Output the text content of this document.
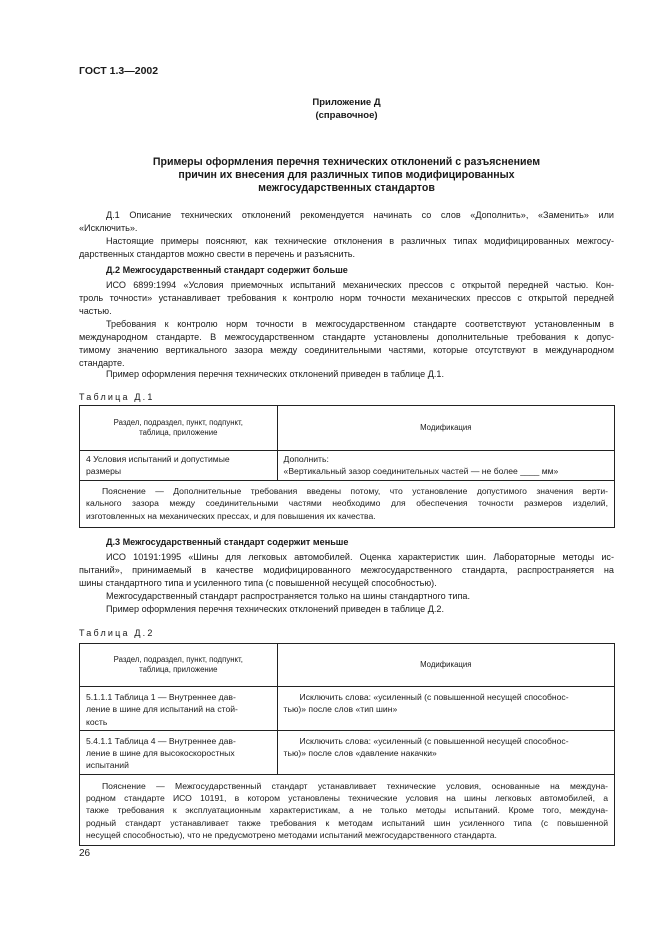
ГОСТ 1.3—2002
Приложение Д
(справочное)
Примеры оформления перечня технических отклонений с разъяснением
причин их внесения для различных типов модифицированных
межгосударственных стандартов
Д.1 Описание технических отклонений рекомендуется начинать со слов «Дополнить», «Заменить» или
«Исключить».
Настоящие примеры поясняют, как технические отклонения в различных типах модифицированных межгосу-
дарственных стандартов можно свести в перечень и разъяснить.
Д.2 Межгосударственный стандарт содержит больше
ИСО 6899:1994 «Условия приемочных испытаний механических прессов с открытой передней частью. Кон-
троль точности» устанавливает требования к контролю норм точности механических прессов с открытой передней
частью.
Требования к контролю норм точности в межгосударственном стандарте соответствуют установленным в
международном стандарте. В межгосударственном стандарте установлены дополнительные требования к допус-
тимому значению вертикального зазора между соединительными частями, которые отсутствуют в международном
стандарте.
Пример оформления перечня технических отклонений приведен в таблице Д.1.
Таблица Д.1
Раздел, подраздел, пункт, подпункт,
таблица, приложение	Модификация

4 Условия испытаний и допустимые
размеры	Дополнить:
«Вертикальный зазор соединительных частей — не более ____ мм»

Пояснение — Дополнительные требования введены потому, что установление допустимого значения верти-
кального зазора между соединительными частями необходимо для обеспечения точности размеров изделий,
изготовленных на механических прессах, и для повышения их качества.	
Д.3 Межгосударственный стандарт содержит меньше
ИСО 10191:1995 «Шины для легковых автомобилей. Оценка характеристик шин. Лабораторные методы ис-
пытаний», принимаемый в качестве модифицированного межгосударственного стандарта, распространяется на
шины стандартного типа и усиленного типа (с повышенной несущей способностью).
Межгосударственный стандарт распространяется только на шины стандартного типа.
Пример оформления перечня технических отклонений приведен в таблице Д.2.
Таблица Д.2
Раздел, подраздел, пункт, подпункт,
таблица, приложение	Модификация

5.1.1.1 Таблица 1 — Внутреннее дав-
ление в шине для испытаний на стой-
кость	Исключить слова: «усиленный (с повышенной несущей способнос-
тью)» после слов «тип шин»

5.4.1.1 Таблица 4 — Внутреннее дав-
ление в шине для высокоскоростных
испытаний	Исключить слова: «усиленный (с повышенной несущей способнос-
тью)» после слов «давление накачки»

Пояснение — Межгосударственный стандарт устанавливает технические условия, основанные на междуна-
родном стандарте ИСО 10191, в котором установлены технические условия на шины легковых автомобилей, а
также требования к эксплуатационным характеристикам, а не только методы испытаний. Кроме того, междуна-
родный стандарт устанавливает также требования к методам испытаний шин усиленного типа (с повышенной
несущей способностью), что не предусмотрено методами испытаний межгосударственного стандарта.	
26
